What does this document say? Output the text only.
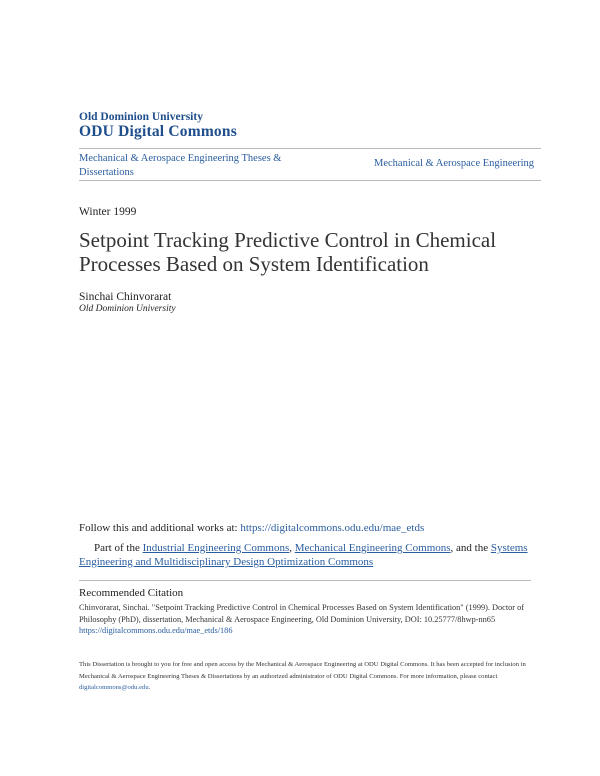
Old Dominion University
ODU Digital Commons
Mechanical & Aerospace Engineering Theses & Dissertations
Mechanical & Aerospace Engineering
Winter 1999
Setpoint Tracking Predictive Control in Chemical Processes Based on System Identification
Sinchai Chinvorarat
Old Dominion University
Follow this and additional works at: https://digitalcommons.odu.edu/mae_etds
Part of the Industrial Engineering Commons, Mechanical Engineering Commons, and the Systems Engineering and Multidisciplinary Design Optimization Commons
Recommended Citation
Chinvorarat, Sinchai. "Setpoint Tracking Predictive Control in Chemical Processes Based on System Identification" (1999). Doctor of Philosophy (PhD), dissertation, Mechanical & Aerospace Engineering, Old Dominion University, DOI: 10.25777/8hwp-nn65
https://digitalcommons.odu.edu/mae_etds/186
This Dissertation is brought to you for free and open access by the Mechanical & Aerospace Engineering at ODU Digital Commons. It has been accepted for inclusion in Mechanical & Aerospace Engineering Theses & Dissertations by an authorized administrator of ODU Digital Commons. For more information, please contact digitalcommons@odu.edu.
